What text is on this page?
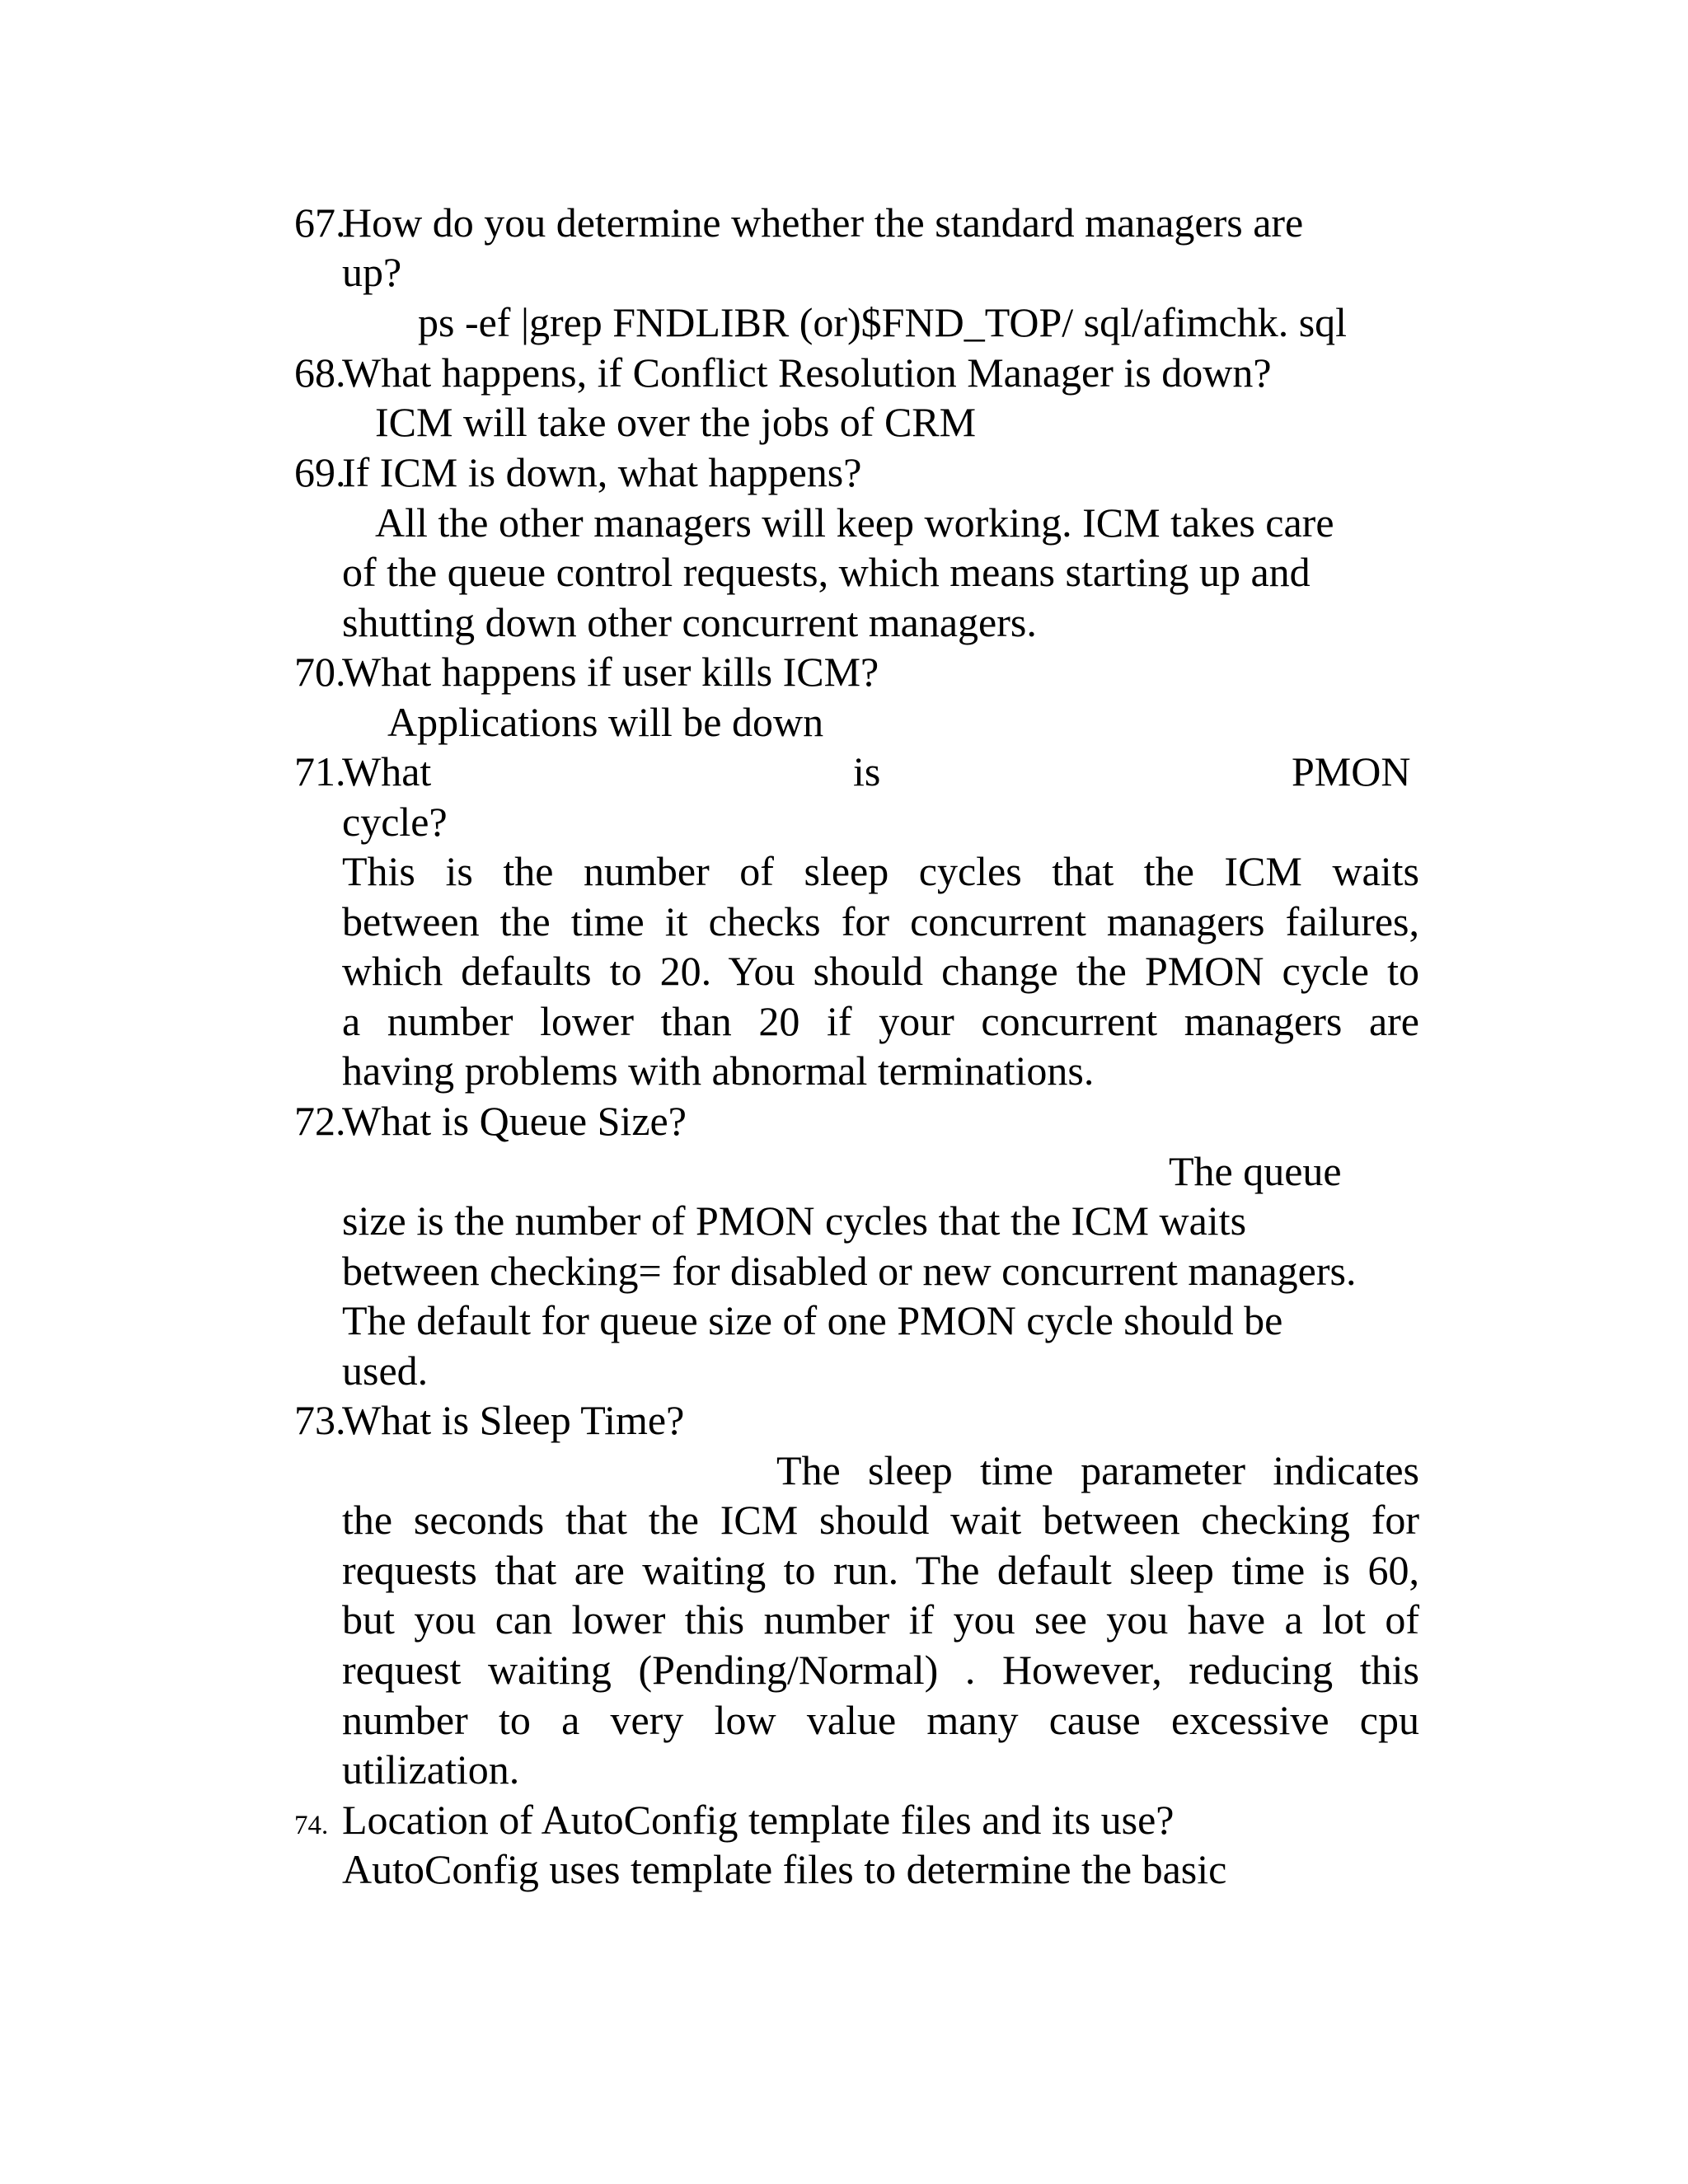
67.How do you determine whether the standard managers are
up?
ps -ef |grep FNDLIBR (or)$FND_TOP/ sql/afimchk. sql
68.What happens, if Conflict Resolution Manager is down?
ICM will take over the jobs of CRM
69.If ICM is down, what happens?
All the other managers will keep working. ICM takes care
of the queue control requests, which means starting up and
shutting down other concurrent managers.
70.What happens if user kills ICM?
Applications will be down
71.
What	is	PMON
cycle?
This is the number of sleep cycles that the ICM waits
between the time it checks for concurrent managers failures,
which defaults to 20. You should change the PMON cycle to
a number lower than 20 if your concurrent managers are
having problems with abnormal terminations.
72.What is Queue Size?
The queue
size is the number of PMON cycles that the ICM waits
between checking= for disabled or new concurrent managers.
The default for queue size of one PMON cycle should be
used.
73.What is Sleep Time?
The sleep time parameter indicates
the seconds that the ICM should wait between checking for
requests that are waiting to run. The default sleep time is 60,
but you can lower this number if you see you have a lot of
request waiting (Pending/Normal) . However, reducing this
number to a very low value many cause excessive cpu
utilization.
74. Location of AutoConfig template files and its use?
AutoConfig uses template files to determine the basic
